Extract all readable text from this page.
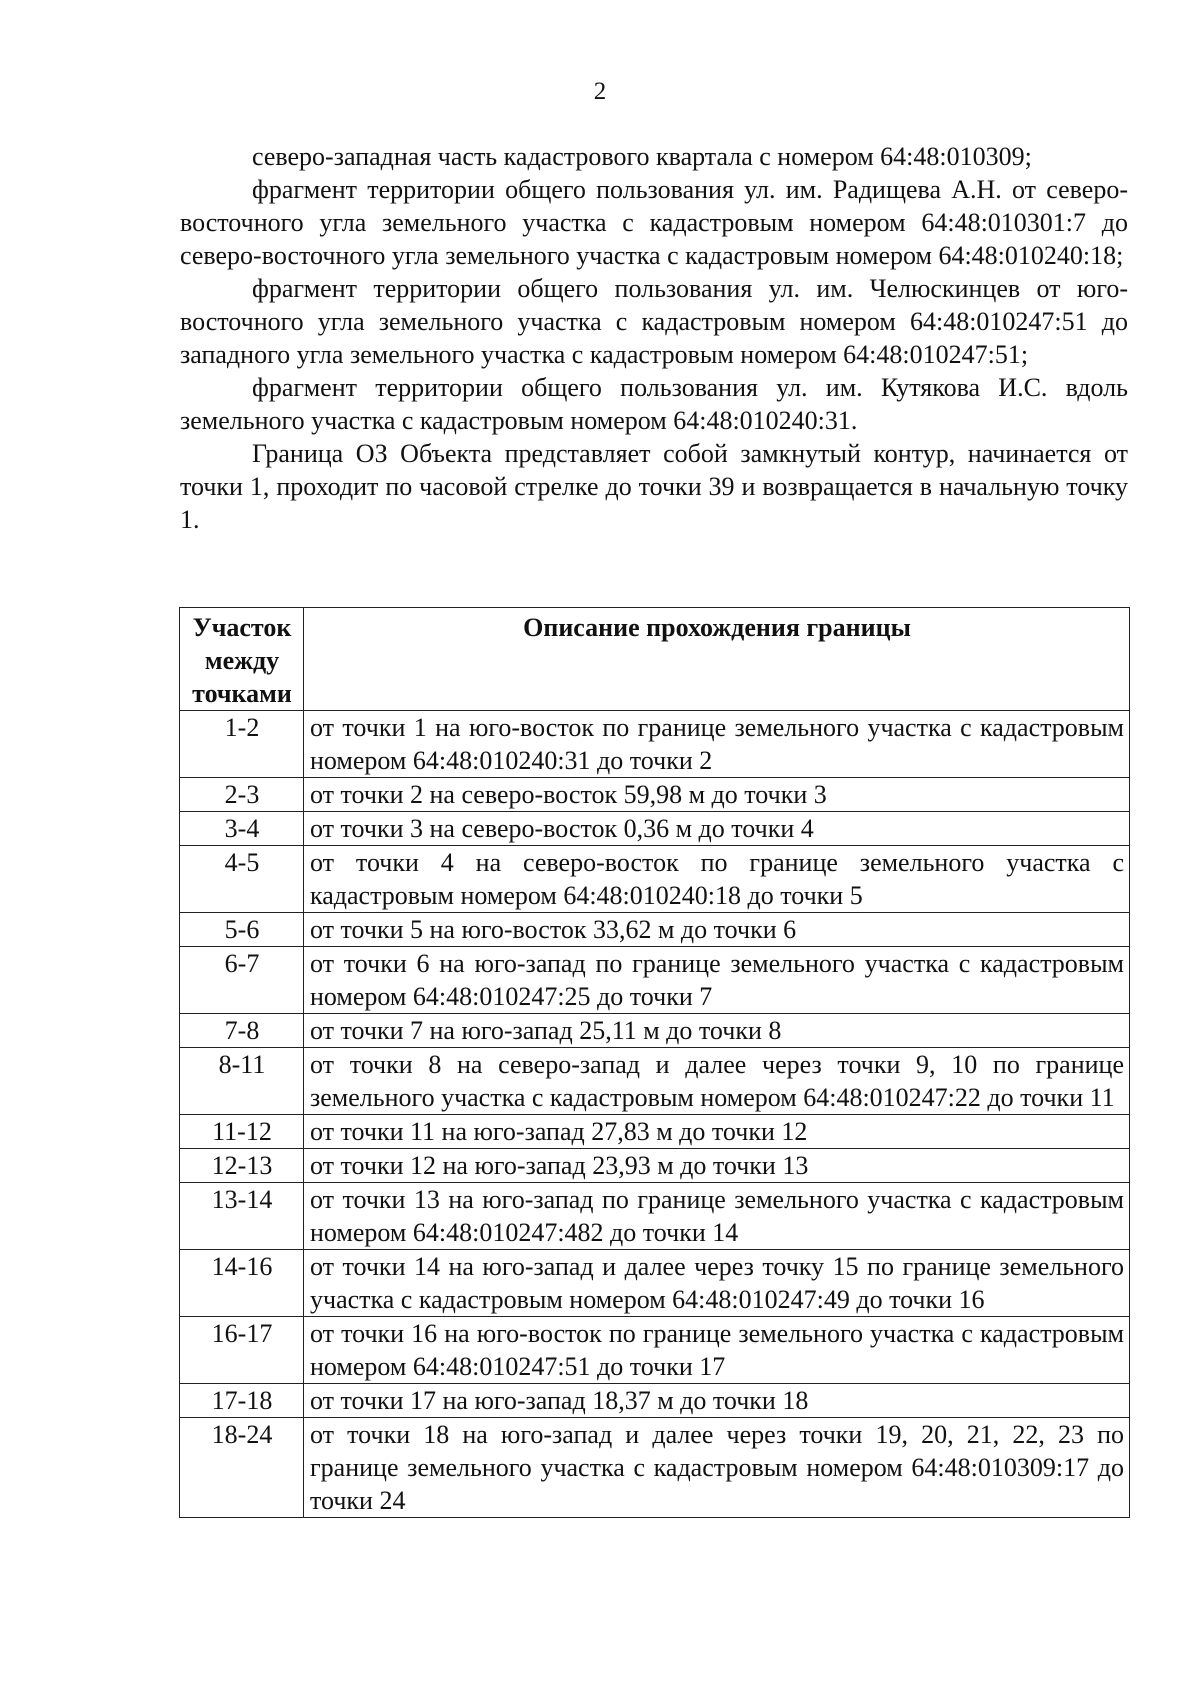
2

северо-западная часть кадастрового квартала с номером 64:48:010309;

фрагмент территории общего пользования ул. им. Радищева А.Н. от северо-восточного угла земельного участка с кадастровым номером 64:48:010301:7 до северо-восточного угла земельного участка с кадастровым номером 64:48:010240:18;

фрагмент территории общего пользования ул. им. Челюскинцев от юго-восточного угла земельного участка с кадастровым номером 64:48:010247:51 до западного угла земельного участка с кадастровым номером 64:48:010247:51;

фрагмент территории общего пользования ул. им. Кутякова И.С. вдоль земельного участка с кадастровым номером 64:48:010240:31.

Граница ОЗ Объекта представляет собой замкнутый контур, начинается от точки 1, проходит по часовой стрелке до точки 39 и возвращается в начальную точку 1.

Участок между точками	Описание прохождения границы
1-2	от точки 1 на юго-восток по границе земельного участка с кадастровым номером 64:48:010240:31 до точки 2
2-3	от точки 2 на северо-восток 59,98 м до точки 3
3-4	от точки 3 на северо-восток 0,36 м до точки 4
4-5	от точки 4 на северо-восток по границе земельного участка с кадастровым номером 64:48:010240:18 до точки 5
5-6	от точки 5 на юго-восток 33,62 м до точки 6
6-7	от точки 6 на юго-запад по границе земельного участка с кадастровым номером 64:48:010247:25 до точки 7
7-8	от точки 7 на юго-запад 25,11 м до точки 8
8-11	от точки 8 на северо-запад и далее через точки 9, 10 по границе земельного участка с кадастровым номером 64:48:010247:22 до точки 11
11-12	от точки 11 на юго-запад 27,83 м до точки 12
12-13	от точки 12 на юго-запад 23,93 м до точки 13
13-14	от точки 13 на юго-запад по границе земельного участка с кадастровым номером 64:48:010247:482 до точки 14
14-16	от точки 14 на юго-запад и далее через точку 15 по границе земельного участка с кадастровым номером 64:48:010247:49 до точки 16
16-17	от точки 16 на юго-восток по границе земельного участка с кадастровым номером 64:48:010247:51 до точки 17
17-18	от точки 17 на юго-запад 18,37 м до точки 18
18-24	от точки 18 на юго-запад и далее через точки 19, 20, 21, 22, 23 по границе земельного участка с кадастровым номером 64:48:010309:17 до точки 24
